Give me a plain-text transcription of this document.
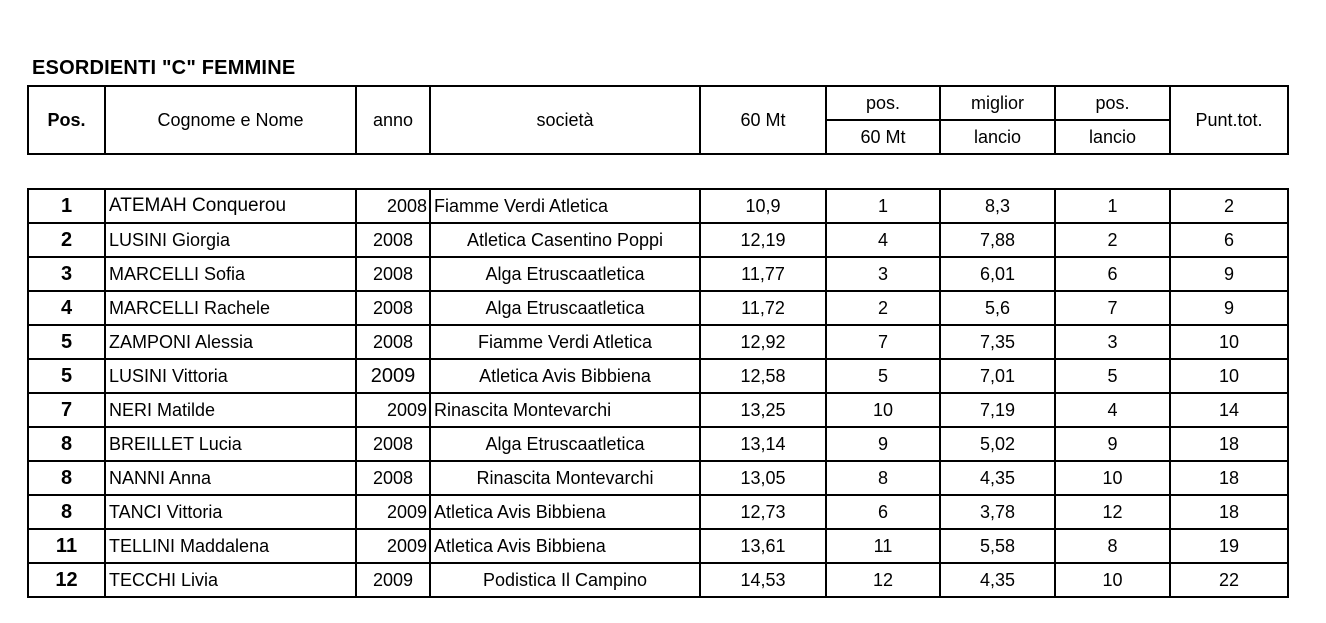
ESORDIENTI "C" FEMMINE
Pos.	Cognome e Nome	anno	società	60 Mt	pos.	miglior	pos.	Punt.tot.
					60 Mt	lancio	lancio	
1	ATEMAH Conquerou	2008	Fiamme Verdi Atletica	10,9	1	8,3	1	2
2	LUSINI Giorgia	2008	Atletica Casentino Poppi	12,19	4	7,88	2	6
3	MARCELLI Sofia	2008	Alga Etruscaatletica	11,77	3	6,01	6	9
4	MARCELLI Rachele	2008	Alga Etruscaatletica	11,72	2	5,6	7	9
5	ZAMPONI Alessia	2008	Fiamme Verdi Atletica	12,92	7	7,35	3	10
5	LUSINI Vittoria	2009	Atletica Avis Bibbiena	12,58	5	7,01	5	10
7	NERI Matilde	2009	Rinascita Montevarchi	13,25	10	7,19	4	14
8	BREILLET Lucia	2008	Alga Etruscaatletica	13,14	9	5,02	9	18
8	NANNI Anna	2008	Rinascita Montevarchi	13,05	8	4,35	10	18
8	TANCI Vittoria	2009	Atletica Avis Bibbiena	12,73	6	3,78	12	18
11	TELLINI Maddalena	2009	Atletica Avis Bibbiena	13,61	11	5,58	8	19
12	TECCHI Livia	2009	Podistica Il Campino	14,53	12	4,35	10	22
